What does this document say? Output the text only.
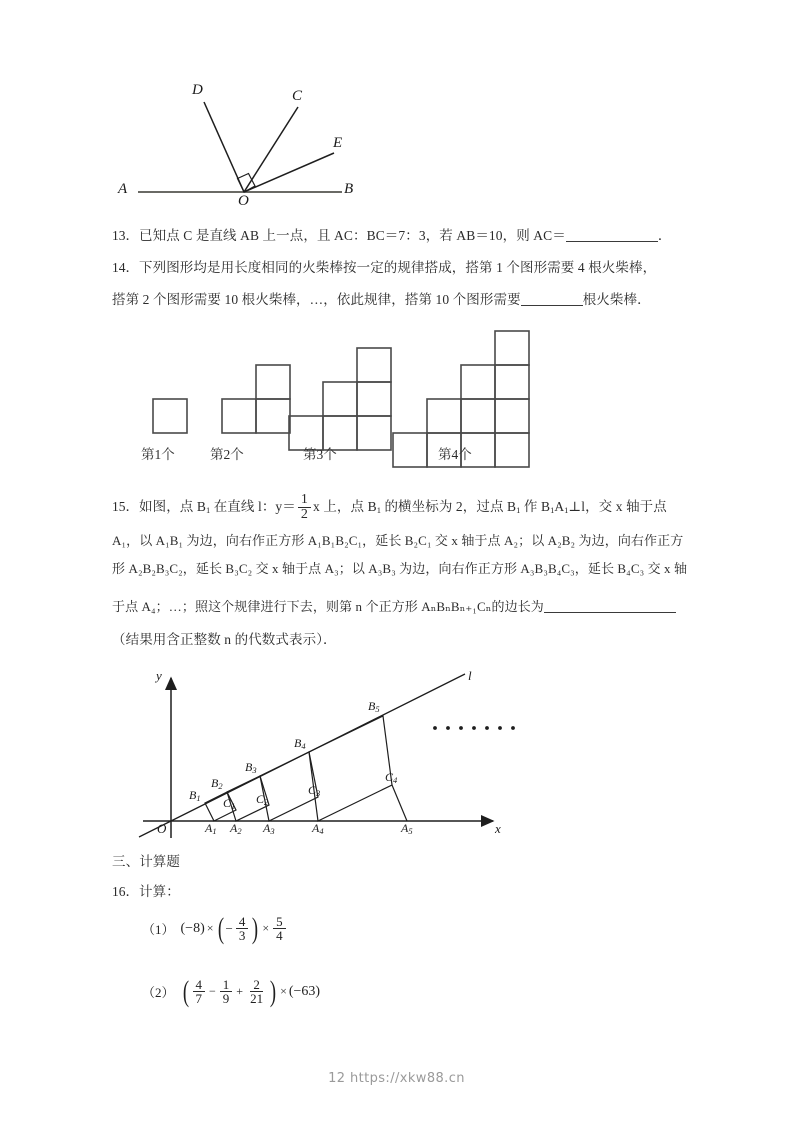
A	B
C
D
E
O
13．已知点 C 是直线 AB 上一点，且 AC：BC＝7：3，若 AB＝10，则 AC＝	．
14．下列图形均是用长度相同的火柴棒按一定的规律搭成，搭第 1 个图形需要 4 根火柴棒，
搭第 2 个图形需要 10 根火柴棒，…，依此规律，搭第 10 个图形需要	根火柴棒．
第1个	第2个	第3个	第4个
15．如图，点 $B_1$ 在直线 l：$y= \frac{1}{2}$ x 上，点 $B_1$ 的横坐标为 2，过点 $B_1$ 作 $B_1A_1\perp l$，交 x 轴于点
A₁，以 A₁B₁ 为边，向右作正方形 A₁B₁B₂C₁，延长 B₂C₁ 交 x 轴于点 A₂；以 A₂B₂ 为边，向右作正方
形 A₂B₂B₃C₂，延长 B₃C₂ 交 x 轴于点 A₃；以 A₃B₃ 为边，向右作正方形 A₃B₃B₄C₃，延长 B₄C₃ 交 x 轴
于点 A₄；…；照这个规律进行下去，则第 n 个正方形 AₙBₙBₙ₊₁Cₙ的边长为
（结果用含正整数 n 的代数式表示）．
y
x
O
l
$A_1$ $A_2$ $A_3$	$A_4$	$A_5$
$B_1$
$B_2$
$B_3$
$B_4$
$B_5$
$C_1$ $C_2$
$C_3$
$C_4$
三、计算题
16．计算：
（1） (−8) × ( − $\frac{4}{3}$ ) × $\frac{5}{4}$
（2） ( $\frac{4}{7} - \frac{1}{9} + \frac{2}{21}$ ) × (−63)
12 https://xkw88.cn
